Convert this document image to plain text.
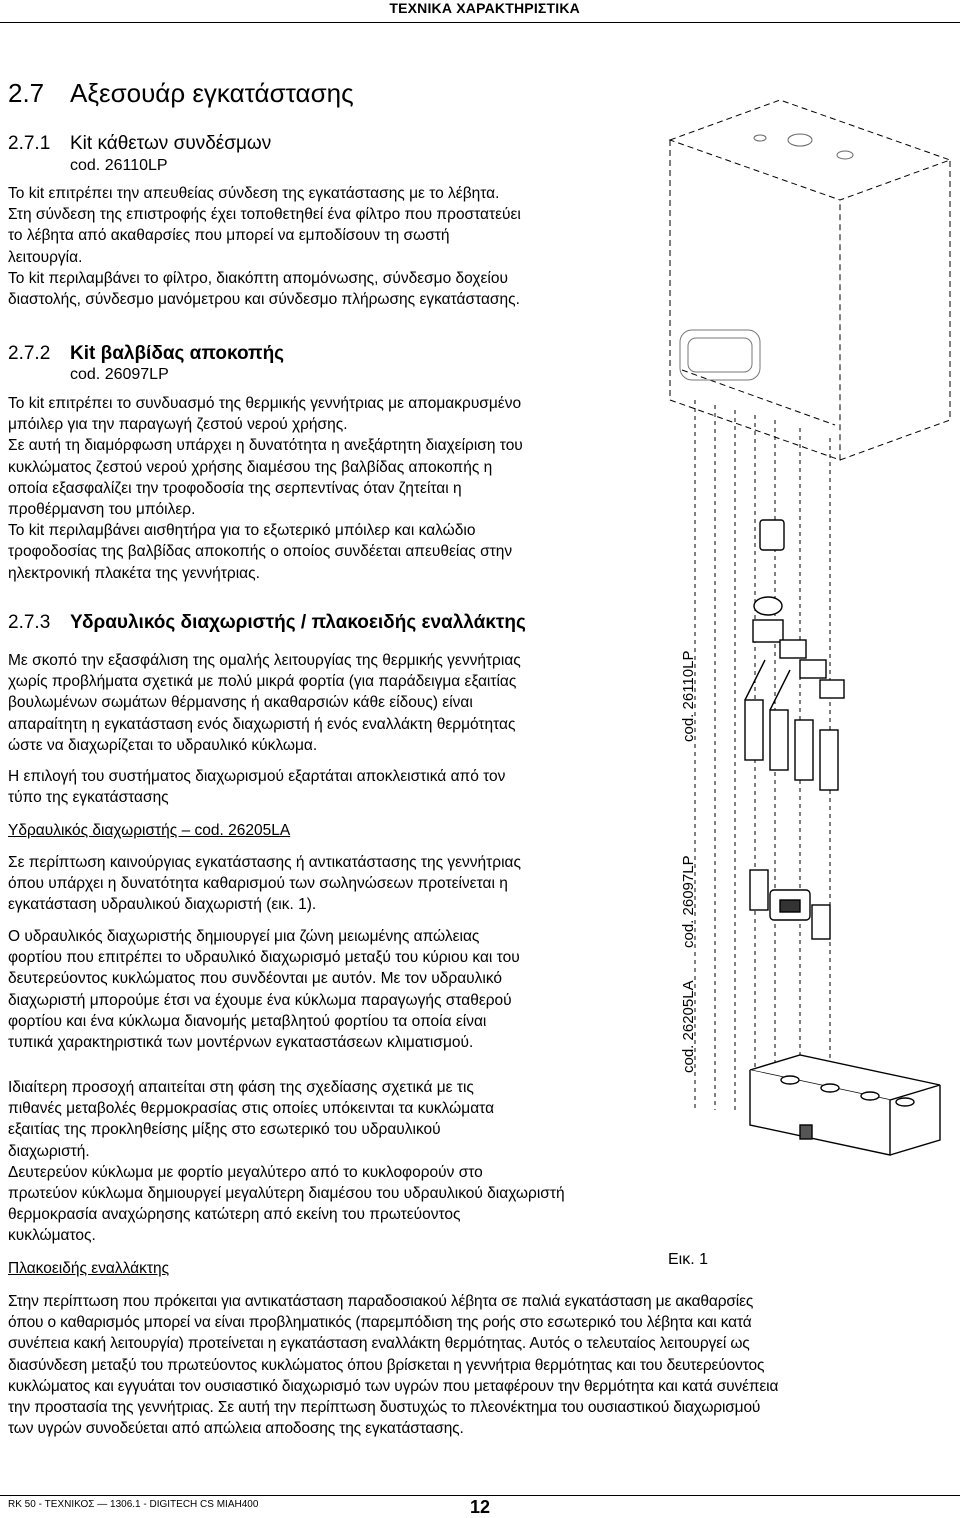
ΤΕΧΝΙΚΑ ΧΑΡΑΚΤΗΡΙΣΤΙΚΑ
2.7 Αξεσουάρ εγκατάστασης
2.7.1 Kit κάθετων συνδέσμων
cod. 26110LP
Το kit επιτρέπει την απευθείας σύνδεση της εγκατάστασης με το λέβητα.
Στη σύνδεση της επιστροφής έχει τοποθετηθεί ένα φίλτρο που προστατεύει
το λέβητα από ακαθαρσίες που μπορεί να εμποδίσουν τη σωστή
λειτουργία.
Το kit περιλαμβάνει το φίλτρο, διακόπτη απομόνωσης, σύνδεσμο δοχείου
διαστολής, σύνδεσμο μανόμετρου και σύνδεσμο πλήρωσης εγκατάστασης.
2.7.2 Kit βαλβίδας αποκοπής
cod. 26097LP
Το kit επιτρέπει το συνδυασμό της θερμικής γεννήτριας με απομακρυσμένο
μπόιλερ για την παραγωγή ζεστού νερού χρήσης.
Σε αυτή τη διαμόρφωση υπάρχει η δυνατότητα η ανεξάρτητη διαχείριση του
κυκλώματος ζεστού νερού χρήσης διαμέσου της βαλβίδας αποκοπής η
οποία εξασφαλίζει την τροφοδοσία της σερπεντίνας όταν ζητείται η
προθέρμανση του μπόιλερ.
Το kit περιλαμβάνει αισθητήρα για το εξωτερικό μπόιλερ και καλώδιο
τροφοδοσίας της βαλβίδας αποκοπής ο οποίος συνδέεται απευθείας στην
ηλεκτρονική πλακέτα της γεννήτριας.
2.7.3 Υδραυλικός διαχωριστής / πλακοειδής εναλλάκτης
Με σκοπό την εξασφάλιση της ομαλής λειτουργίας της θερμικής γεννήτριας
χωρίς προβλήματα σχετικά με πολύ μικρά φορτία (για παράδειγμα εξαιτίας
βουλωμένων σωμάτων θέρμανσης ή ακαθαρσιών κάθε είδους) είναι
απαραίτητη η εγκατάσταση ενός διαχωριστή ή ενός εναλλάκτη θερμότητας
ώστε να διαχωρίζεται το υδραυλικό κύκλωμα.
Η επιλογή του συστήματος διαχωρισμού εξαρτάται αποκλειστικά από τον
τύπο της εγκατάστασης
Υδραυλικός διαχωριστής – cod. 26205LA
Σε περίπτωση καινούργιας εγκατάστασης ή αντικατάστασης της γεννήτριας
όπου υπάρχει η δυνατότητα καθαρισμού των σωληνώσεων προτείνεται η
εγκατάσταση υδραυλικού διαχωριστή (εικ. 1).
Ο υδραυλικός διαχωριστής δημιουργεί μια ζώνη μειωμένης απώλειας
φορτίου που επιτρέπει το υδραυλικό διαχωρισμό μεταξύ του κύριου και του
δευτερεύοντος κυκλώματος που συνδέονται με αυτόν. Με τον υδραυλικό
διαχωριστή μπορούμε έτσι να έχουμε ένα κύκλωμα παραγωγής σταθερού
φορτίου και ένα κύκλωμα διανομής μεταβλητού φορτίου τα οποία είναι
τυπικά χαρακτηριστικά των μοντέρνων εγκαταστάσεων κλιματισμού.
Ιδιαίτερη προσοχή απαιτείται στη φάση της σχεδίασης σχετικά με τις
πιθανές μεταβολές θερμοκρασίας στις οποίες υπόκεινται τα κυκλώματα
εξαιτίας της προκληθείσης μίξης στο εσωτερικό του υδραυλικού
διαχωριστή.
Δευτερεύον κύκλωμα με φορτίο μεγαλύτερο από το κυκλοφορούν στο
πρωτεύον κύκλωμα δημιουργεί μεγαλύτερη διαμέσου του υδραυλικού διαχωριστή
θερμοκρασία αναχώρησης κατώτερη από εκείνη του πρωτεύοντος
κυκλώματος.
Πλακοειδής εναλλάκτης
Εικ. 1
Στην περίπτωση που πρόκειται για αντικατάσταση παραδοσιακού λέβητα σε παλιά εγκατάσταση με ακαθαρσίες
όπου ο καθαρισμός μπορεί να είναι προβληματικός (παρεμπόδιση της ροής στο εσωτερικό του λέβητα και κατά
συνέπεια κακή λειτουργία) προτείνεται η εγκατάσταση εναλλάκτη θερμότητας. Αυτός ο τελευταίος λειτουργεί ως
διασύνδεση μεταξύ του πρωτεύοντος κυκλώματος όπου βρίσκεται η γεννήτρια θερμότητας και του δευτερεύοντος
κυκλώματος και εγγυάται τον ουσιαστικό διαχωρισμό των υγρών που μεταφέρουν την θερμότητα και κατά συνέπεια
την προστασία της γεννήτριας. Σε αυτή την περίπτωση δυστυχώς το πλεονέκτημα του ουσιαστικού διαχωρισμού
των υγρών συνοδεύεται από απώλεια αποδοσης της εγκατάστασης.
cod. 26110LP
cod. 26097LP
cod. 26205LA
RK 50 - ΤΕΧΝΙΚΟΣ — 1306.1 - DIGITECH CS ΜΙΑΗ400	12
